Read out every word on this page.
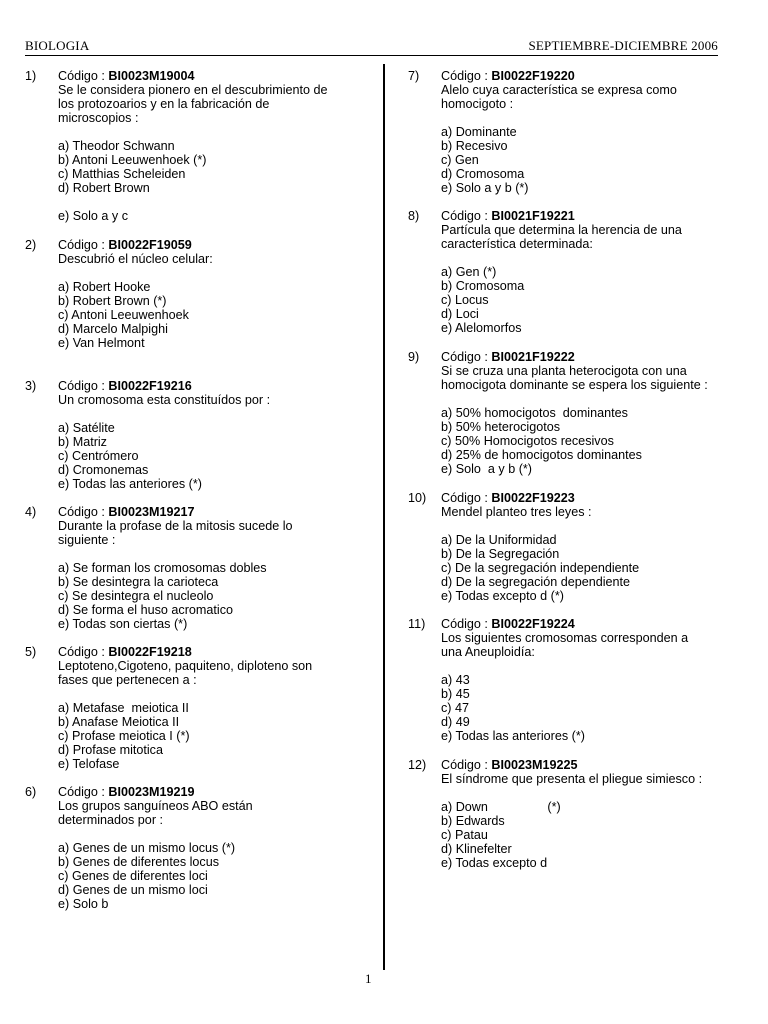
BIOLOGIA	SEPTIEMBRE-DICIEMBRE 2006
1) Código : BI0023M19004
Se le considera pionero en el descubrimiento de
los protozoarios y en la fabricación de
microscopios :
a) Theodor Schwann
b) Antoni Leeuwenhoek (*)
c) Matthias Scheleiden
d) Robert Brown
e) Solo a y c
2) Código : BI0022F19059
Descubrió el núcleo celular:
a) Robert Hooke
b) Robert Brown (*)
c) Antoni Leeuwenhoek
d) Marcelo Malpighi
e) Van Helmont
3) Código : BI0022F19216
Un cromosoma esta constituídos por :
a) Satélite
b) Matriz
c) Centrómero
d) Cromonemas
e) Todas las anteriores (*)
4) Código : BI0023M19217
Durante la profase de la mitosis sucede lo
siguiente :
a) Se forman los cromosomas dobles
b) Se desintegra la carioteca
c) Se desintegra el nucleolo
d) Se forma el huso acromatico
e) Todas son ciertas (*)
5) Código : BI0022F19218
Leptoteno,Cigoteno, paquiteno, diploteno son
fases que pertenecen a :
a) Metafase  meiotica II
b) Anafase Meiotica II
c) Profase meiotica I (*)
d) Profase mitotica
e) Telofase
6) Código : BI0023M19219
Los grupos sanguíneos ABO están
determinados por :
a) Genes de un mismo locus (*)
b) Genes de diferentes locus
c) Genes de diferentes loci
d) Genes de un mismo loci
e) Solo b
7) Código : BI0022F19220
Alelo cuya característica se expresa como
homocigoto :
a) Dominante
b) Recesivo
c) Gen
d) Cromosoma
e) Solo a y b (*)
8) Código : BI0021F19221
Partícula que determina la herencia de una
característica determinada:
a) Gen (*)
b) Cromosoma
c) Locus
d) Loci
e) Alelomorfos
9) Código : BI0021F19222
Si se cruza una planta heterocigota con una
homocigota dominante se espera los siguiente :
a) 50% homocigotos  dominantes
b) 50% heterocigotos
c) 50% Homocigotos recesivos
d) 25% de homocigotos dominantes
e) Solo  a y b (*)
10) Código : BI0022F19223
Mendel planteo tres leyes :
a) De la Uniformidad
b) De la Segregación
c) De la segregación independiente
d) De la segregación dependiente
e) Todas excepto d (*)
11) Código : BI0022F19224
Los siguientes cromosomas corresponden a
una Aneuploidía:
a) 43
b) 45
c) 47
d) 49
e) Todas las anteriores (*)
12) Código : BI0023M19225
El síndrome que presenta el pliegue simiesco :
a) Down                 (*)
b) Edwards
c) Patau
d) Klinefelter
e) Todas excepto d
1
